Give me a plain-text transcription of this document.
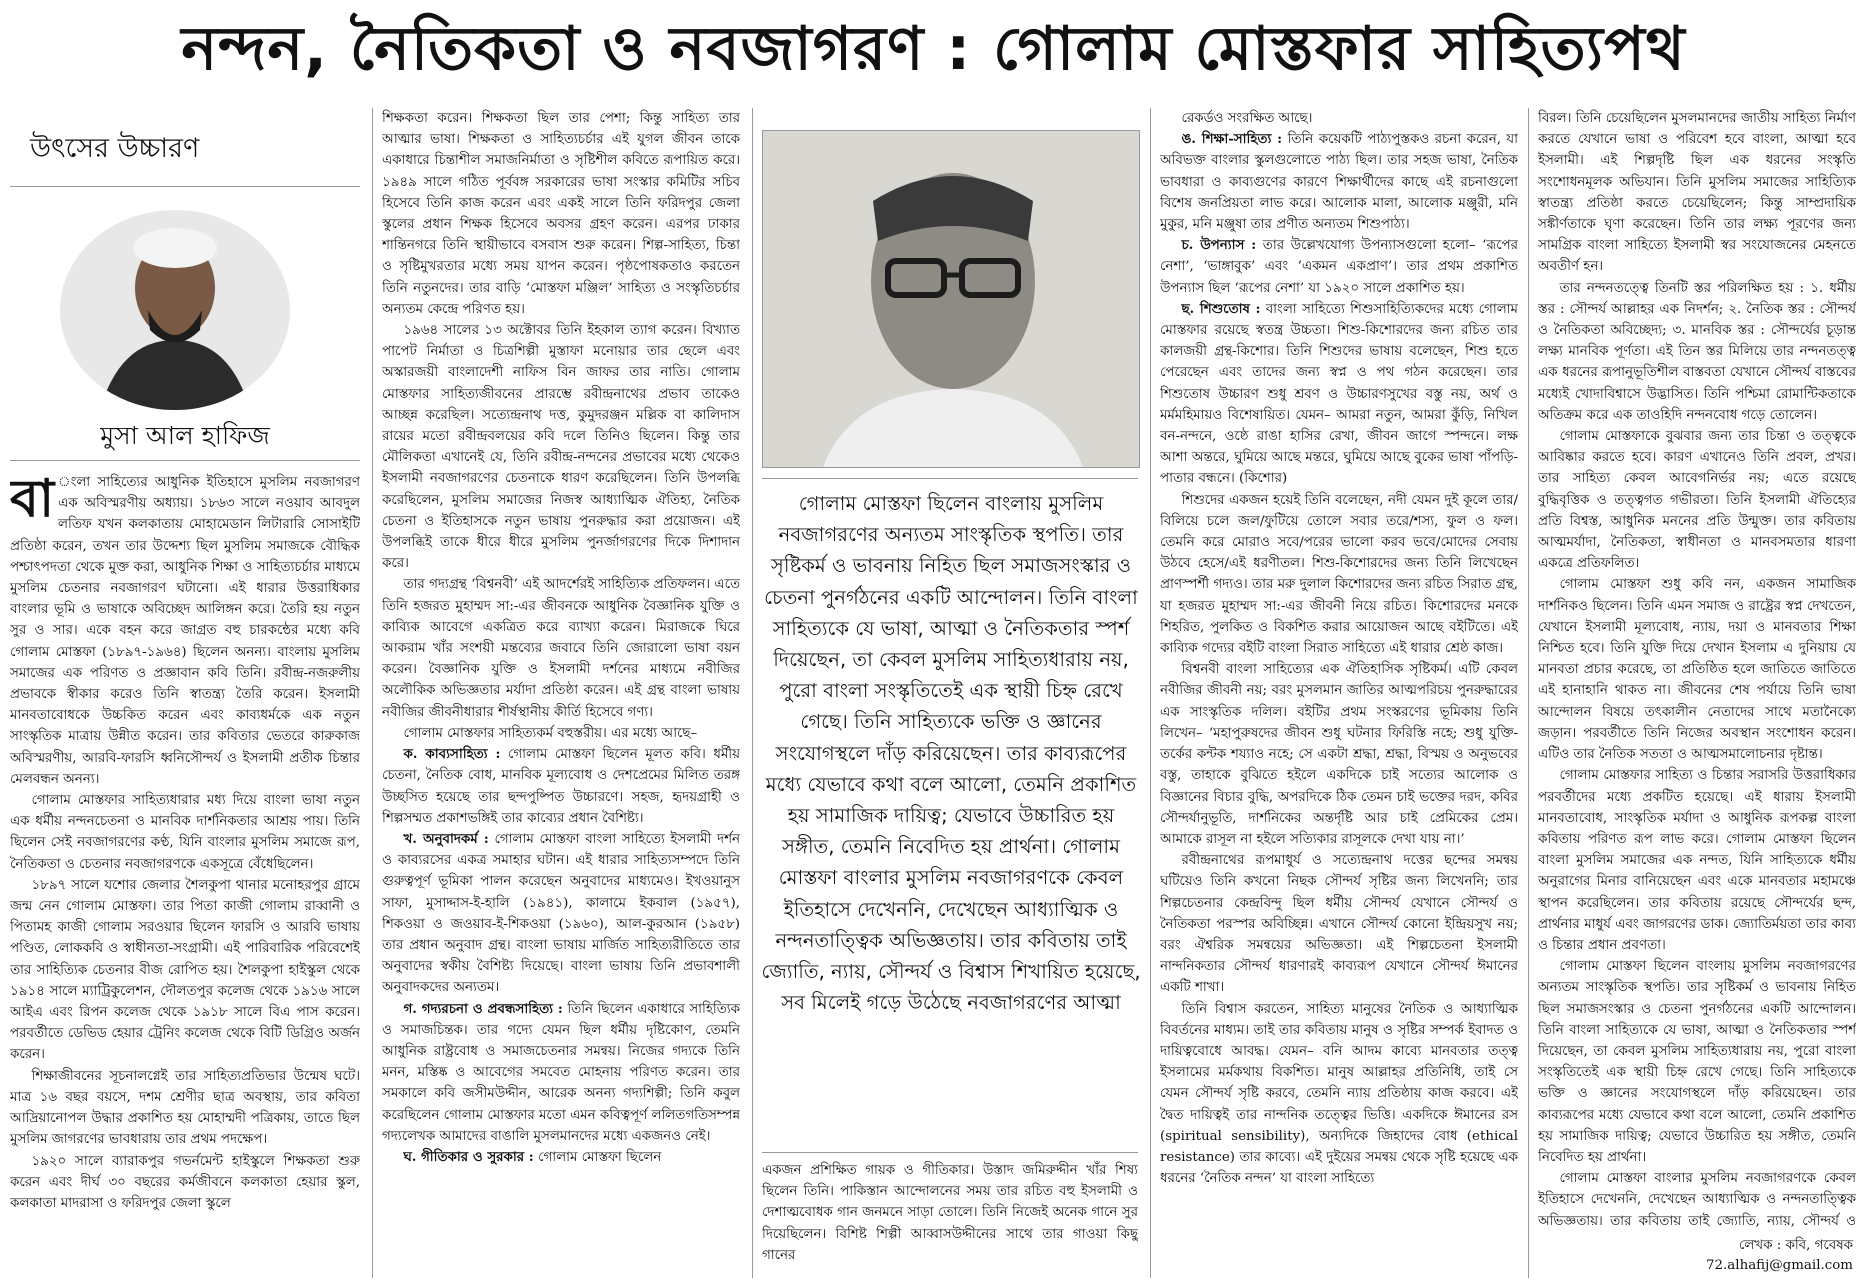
নন্দন, নৈতিকতা ও নবজাগরণ : গোলাম মোস্তফার সাহিত্যপথ
উৎসের উচ্চারণ
মুসা আল হাফিজ

বা ংলা সাহিত্যের আধুনিক ইতিহাসে মুসলিম নবজাগরণ এক অবিস্মরণীয় অধ্যায়। ১৮৬৩ সালে নওয়াব আবদুল লতিফ যখন কলকাতায় মোহামেডান লিটারারি সোসাইটি প্রতিষ্ঠা করেন, তখন তার উদ্দেশ্য ছিল মুসলিম সমাজকে বৌদ্ধিক পশ্চাৎপদতা থেকে মুক্ত করা, আধুনিক শিক্ষা ও সাহিত্যচর্চার মাধ্যমে মুসলিম চেতনার নবজাগরণ ঘটানো। এই ধারার উত্তরাধিকার বাংলার ভূমি ও ভাষাকে অবিচ্ছেদ আলিঙ্গন করে। তৈরি হয় নতুন সুর ও সার। একে বহন করে জাগ্রত বহু চারকন্ঠের মধ্যে কবি গোলাম মোস্তফা (১৮৯৭-১৯৬৪) ছিলেন অনন্য। বাংলায় মুসলিম সমাজের এক পরিণত ও প্রজ্ঞাবান কবি তিনি। রবীন্দ্র-নজরুলীয় প্রভাবকে স্বীকার করেও তিনি স্বাতন্ত্র্য তৈরি করেন। ইসলামী মানবতাবোধকে উচ্চকিত করেন এবং কাব্যধর্মকে এক নতুন সাংস্কৃতিক মাত্রায় উন্নীত করেন। তার কবিতার ভেতরে কারুকাজ অবিস্মরণীয়, আরবি-ফারসি ধ্বনিসৌন্দর্য ও ইসলামী প্রতীক চিন্তার মেলবন্ধন অনন্য।

গোলাম মোস্তফার সাহিত্যধারার মধ্য দিয়ে বাংলা ভাষা নতুন এক ধর্মীয় নন্দনচেতনা ও মানবিক দার্শনিকতার আশ্রয় পায়। তিনি ছিলেন সেই নবজাগরণের কণ্ঠ, যিনি বাংলার মুসলিম সমাজে রূপ, নৈতিকতা ও চেতনার নবজাগরণকে একসূত্রে বেঁধেছিলেন।

১৮৯৭ সালে যশোর জেলার শৈলকুপা থানার মনোহরপুর গ্রামে জন্ম নেন গোলাম মোস্তফা। তার পিতা কাজী গোলাম রাব্বানী ও পিতামহ কাজী গোলাম সরওয়ার ছিলেন ফারসি ও আরবি ভাষায় পণ্ডিত, লোককবি ও স্বাধীনতা-সংগ্রামী। এই পারিবারিক পরিবেশেই তার সাহিত্যিক চেতনার বীজ রোপিত হয়। শৈলকুপা হাইস্কুল থেকে ১৯১৪ সালে ম্যাট্রিকুলেশন, দৌলতপুর কলেজ থেকে ১৯১৬ সালে আইএ এবং রিপন কলেজ থেকে ১৯১৮ সালে বিএ পাস করেন। পরবর্তীতে ডেভিড হেয়ার ট্রেনিং কলেজ থেকে বিটি ডিগ্রিও অর্জন করেন।

শিক্ষাজীবনের সূচনালগ্নেই তার সাহিত্যপ্রতিভার উন্মেষ ঘটে। মাত্র ১৬ বছর বয়সে, দশম শ্রেণীর ছাত্র অবস্থায়, তার কবিতা আদ্রিয়ানোপল উদ্ধার প্রকাশিত হয় মোহাম্মদী পত্রিকায়, তাতে ছিল মুসলিম জাগরণের ভাবধারায় তার প্রথম পদক্ষেপ।

১৯২০ সালে ব্যারাকপুর গভর্নমেন্ট হাইস্কুলে শিক্ষকতা শুরু করেন এবং দীর্ঘ ৩০ বছরের কর্মজীবনে কলকাতা হেয়ার স্কুল, কলকাতা মাদরাসা ও ফরিদপুর জেলা স্কুলে

শিক্ষকতা করেন। শিক্ষকতা ছিল তার পেশা; কিন্তু সাহিত্য তার আত্মার ভাষা। শিক্ষকতা ও সাহিত্যচর্চার এই যুগল জীবন তাকে একাধারে চিন্তাশীল সমাজনির্মাতা ও সৃষ্টিশীল কবিতে রূপায়িত করে। ১৯৪৯ সালে গঠিত পূর্ববঙ্গ সরকারের ভাষা সংস্কার কমিটির সচিব হিসেবে তিনি কাজ করেন এবং একই সালে তিনি ফরিদপুর জেলা স্কুলের প্রধান শিক্ষক হিসেবে অবসর গ্রহণ করেন। এরপর ঢাকার শান্তিনগরে তিনি স্থায়ীভাবে বসবাস শুরু করেন। শিল্প-সাহিত্য, চিন্তা ও সৃষ্টিমুখরতার মধ্যে সময় যাপন করেন। পৃষ্ঠপোষকতাও করতেন তিনি নতুনদের। তার বাড়ি ‘মোস্তফা মঞ্জিল’ সাহিত্য ও সংস্কৃতিচর্চার অন্যতম কেন্দ্রে পরিণত হয়।

১৯৬৪ সালের ১৩ অক্টোবর তিনি ইহকাল ত্যাগ করেন। বিখ্যাত পাপেট নির্মাতা ও চিত্রশিল্পী মুস্তাফা মনোয়ার তার ছেলে এবং অস্কারজয়ী বাংলাদেশী নাফিস বিন জাফর তার নাতি। গোলাম মোস্তফার সাহিত্যজীবনের প্রারম্ভে রবীন্দ্রনাথের প্রভাব তাকেও আচ্ছন্ন করেছিল। সত্যেন্দ্রনাথ দত্ত, কুমুদরঞ্জন মল্লিক বা কালিদাস রায়ের মতো রবীন্দ্রবলয়ের কবি দলে তিনিও ছিলেন। কিন্তু তার মৌলিকতা এখানেই যে, তিনি রবীন্দ্র-নন্দনের প্রভাবের মধ্যে থেকেও ইসলামী নবজাগরণের চেতনাকে ধারণ করেছিলেন। তিনি উপলব্ধি করেছিলেন, মুসলিম সমাজের নিজস্ব আধ্যাত্মিক ঐতিহ্য, নৈতিক চেতনা ও ইতিহাসকে নতুন ভাষায় পুনরুদ্ধার করা প্রয়োজন। এই উপলব্ধিই তাকে ধীরে ধীরে মুসলিম পুনর্জাগরণের দিকে দিশাদান করে।

তার গদ্যগ্রন্থ ‘বিশ্বনবী’ এই আদর্শেরই সাহিত্যিক প্রতিফলন। এতে তিনি হজরত মুহাম্মদ সা:-এর জীবনকে আধুনিক বৈজ্ঞানিক যুক্তি ও কাব্যিক আবেগে একত্রিত করে ব্যাখ্যা করেন। মিরাজকে ঘিরে আকরাম খাঁর সংশয়ী মন্তব্যের জবাবে তিনি জোরালো ভাষা বয়ন করেন। বৈজ্ঞানিক যুক্তি ও ইসলামী দর্শনের মাধ্যমে নবীজির অলৌকিক অভিজ্ঞতার মর্যাদা প্রতিষ্ঠা করেন। এই গ্রন্থ বাংলা ভাষায় নবীজির জীবনীধারার শীর্ষস্থানীয় কীর্তি হিসেবে গণ্য।

গোলাম মোস্তফার সাহিত্যকর্ম বহুস্তরীয়। এর মধ্যে আছে–

ক. কাব্যসাহিত্য : গোলাম মোস্তফা ছিলেন মূলত কবি। ধর্মীয় চেতনা, নৈতিক বোধ, মানবিক মূল্যবোধ ও দেশপ্রেমের মিলিত তরঙ্গ উচ্ছসিত হয়েছে তার ছন্দপুষ্পিত উচ্চারণে। সহজ, হৃদয়গ্রাহী ও শিল্পসম্মত প্রকাশভঙ্গিই তার কাব্যের প্রধান বৈশিষ্ট্য।

খ. অনুবাদকর্ম : গোলাম মোস্তফা বাংলা সাহিত্যে ইসলামী দর্শন ও কাব্যরসের একত্র সমাহার ঘটান। এই ধারার সাহিত্যসম্পদে তিনি গুরুত্বপূর্ণ ভূমিকা পালন করেছেন অনুবাদের মাধ্যমেও। ইখওয়ানুস সাফা, মুসাদ্দাস-ই-হালি (১৯৪১), কালামে ইকবাল (১৯৫৭), শিকওয়া ও জওয়াব-ই-শিকওয়া (১৯৬০), আল-কুরআন (১৯৫৮) তার প্রধান অনুবাদ গ্রন্থ। বাংলা ভাষায় মার্জিত সাহিত্যরীতিতে তার অনুবাদের স্বকীয় বৈশিষ্ট্য দিয়েছে। বাংলা ভাষায় তিনি প্রভাবশালী অনুবাদকদের অন্যতম।

গ. গদ্যরচনা ও প্রবন্ধসাহিত্য : তিনি ছিলেন একাধারে সাহিত্যিক ও সমাজচিন্তক। তার গদ্যে যেমন ছিল ধর্মীয় দৃষ্টিকোণ, তেমনি আধুনিক রাষ্ট্রবোধ ও সমাজচেতনার সমন্বয়। নিজের গদ্যকে তিনি মনন, মস্তিষ্ক ও আবেগের সমবেত মোহনায় পরিণত করেন। তার সমকালে কবি জসীমউদ্দীন, আরেক অনন্য গদ্যশিল্পী; তিনি কবুল করেছিলেন গোলাম মোস্তফার মতো এমন কবিত্বপূর্ণ ললিতগতিসম্পন্ন গদ্যলেখক আমাদের বাঙালি মুসলমানদের মধ্যে একজনও নেই।

ঘ. গীতিকার ও সুরকার : গোলাম মোস্তফা ছিলেন

গোলাম মোস্তফা ছিলেন বাংলায় মুসলিম নবজাগরণের অন্যতম সাংস্কৃতিক স্থপতি। তার সৃষ্টিকর্ম ও ভাবনায় নিহিত ছিল সমাজসংস্কার ও চেতনা পুনর্গঠনের একটি আন্দোলন। তিনি বাংলা সাহিত্যকে যে ভাষা, আত্মা ও নৈতিকতার স্পর্শ দিয়েছেন, তা কেবল মুসলিম সাহিত্যধারায় নয়, পুরো বাংলা সংস্কৃতিতেই এক স্থায়ী চিহ্ন রেখে গেছে। তিনি সাহিত্যকে ভক্তি ও জ্ঞানের সংযোগস্থলে দাঁড় করিয়েছেন। তার কাব্যরূপের মধ্যে যেভাবে কথা বলে আলো, তেমনি প্রকাশিত হয় সামাজিক দায়িত্ব; যেভাবে উচ্চারিত হয় সঙ্গীত, তেমনি নিবেদিত হয় প্রার্থনা। গোলাম মোস্তফা বাংলার মুসলিম নবজাগরণকে কেবল ইতিহাসে দেখেননি, দেখেছেন আধ্যাত্মিক ও নন্দনতাত্ত্বিক অভিজ্ঞতায়। তার কবিতায় তাই জ্যোতি, ন্যায়, সৌন্দর্য ও বিশ্বাস শিখায়িত হয়েছে, সব মিলেই গড়ে উঠেছে নবজাগরণের আত্মা

একজন প্রশিক্ষিত গায়ক ও গীতিকার। উস্তাদ জমিরুদ্দীন খাঁর শিষ্য ছিলেন তিনি। পাকিস্তান আন্দোলনের সময় তার রচিত বহু ইসলামী ও দেশাত্মবোধক গান জনমনে সাড়া তোলে। তিনি নিজেই অনেক গানে সুর দিয়েছিলেন। বিশিষ্ট শিল্পী আব্বাসউদ্দীনের সাথে তার গাওয়া কিছু গানের

রেকর্ডও সংরক্ষিত আছে।

ঙ. শিক্ষা-সাহিত্য : তিনি কয়েকটি পাঠ্যপুস্তকও রচনা করেন, যা অবিভক্ত বাংলার স্কুলগুলোতে পাঠ্য ছিল। তার সহজ ভাষা, নৈতিক ভাবধারা ও কাব্যগুণের কারণে শিক্ষার্থীদের কাছে এই রচনাগুলো বিশেষ জনপ্রিয়তা লাভ করে। আলোক মালা, আলোক মঞ্জুরী, মনি মুকুর, মনি মঞ্জুষা তার প্রণীত অন্যতম শিশুপাঠ্য।

চ. উপন্যাস : তার উল্লেখযোগ্য উপন্যাসগুলো হলো– ‘রূপের নেশা’, ‘ভাঙ্গাবুক’ এবং ‘একমন একপ্রাণ’। তার প্রথম প্রকাশিত উপন্যাস ছিল ‘রূপের নেশা’ যা ১৯২০ সালে প্রকাশিত হয়।

ছ. শিশুতোষ : বাংলা সাহিত্যে শিশুসাহিত্যিকদের মধ্যে গোলাম মোস্তফার রয়েছে স্বতন্ত্র উচ্চতা। শিশু-কিশোরদের জন্য রচিত তার কালজয়ী গ্রন্থ-কিশোর। তিনি শিশুদের ভাষায় বলেছেন, শিশু হতে পেরেছেন এবং তাদের জন্য স্বপ্ন ও পথ গঠন করেছেন। তার শিশুতোষ উচ্চারণ শুধু শ্রবণ ও উচ্চারণসুখের বস্তু নয়, অর্থ ও মর্মমহিমায়ও বিশেষায়িত। যেমন– আমরা নতুন, আমরা কুঁড়ি, নিখিল বন-নন্দনে, ওষ্ঠে রাঙা হাসির রেখা, জীবন জাগে স্পন্দনে। লক্ষ আশা অন্তরে, ঘুমিয়ে আছে মন্তরে, ঘুমিয়ে আছে বুকের ভাষা পাঁপড়ি-পাতার বন্ধনে। (কিশোর)

শিশুদের একজন হয়েই তিনি বলেছেন, নদী যেমন দুই কূলে তার/বিলিয়ে চলে জল/ফুটিয়ে তোলে সবার তরে/শস্য, ফুল ও ফল। তেমনি করে মোরাও সবে/পরের ভালো করব ভবে/মোদের সেবায় উঠবে হেসে/এই ধরণীতল। শিশু-কিশোরদের জন্য তিনি লিখেছেন প্রাণস্পর্শী গদ্যও। তার মরু দুলাল কিশোরদের জন্য রচিত সিরাত গ্রন্থ, যা হজরত মুহাম্মদ সা:-এর জীবনী নিয়ে রচিত। কিশোরদের মনকে শিহরিত, পুলকিত ও বিকশিত করার আয়োজন আছে বইটিতে। এই কাব্যিক গদ্যের বইটি বাংলা সিরাত সাহিত্যে এই ধারার শ্রেষ্ঠ কাজ।

বিশ্বনবী বাংলা সাহিত্যের এক ঐতিহাসিক সৃষ্টিকর্ম। এটি কেবল নবীজির জীবনী নয়; বরং মুসলমান জাতির আত্মপরিচয় পুনরুদ্ধারের এক সাংস্কৃতিক দলিল। বইটির প্রথম সংস্করণের ভূমিকায় তিনি লিখেন– ‘মহাপুরুষদের জীবন শুধু ঘটনার ফিরিস্তি নহে; শুধু যুক্তি-তর্কের কন্টক শয্যাও নহে; সে একটা শ্রদ্ধা, শ্রদ্ধা, বিস্ময় ও অনুভবের বস্তু, তাহাকে বুঝিতে হইলে একদিকে চাই সত্যের আলোক ও বিজ্ঞানের বিচার বুদ্ধি, অপরদিকে ঠিক তেমন চাই ভক্তের দরদ, কবির সৌন্দর্যানুভূতি, দার্শনিকের অন্তর্দৃষ্টি আর চাই প্রেমিকের প্রেম। আমাকে রাসূল না হইলে সত্যিকার রাসূলকে দেখা যায় না।’

রবীন্দ্রনাথের রূপমাধুর্য ও সত্যেন্দ্রনাথ দত্তের ছন্দের সমন্বয় ঘটিয়েও তিনি কখনো নিছক সৌন্দর্য সৃষ্টির জন্য লিখেননি; তার শিল্পচেতনার কেন্দ্রবিন্দু ছিল ধর্মীয় সৌন্দর্য যেখানে সৌন্দর্য ও নৈতিকতা পরস্পর অবিচ্ছিন্ন। এখানে সৌন্দর্য কোনো ইন্দ্রিয়সুখ নয়; বরং ঐশ্বরিক সমন্বয়ের অভিজ্ঞতা। এই শিল্পচেতনা ইসলামী নান্দনিকতার সৌন্দর্য ধারণারই কাব্যরূপ যেখানে সৌন্দর্য ঈমানের একটি শাখা।

তিনি বিশ্বাস করতেন, সাহিত্য মানুষের নৈতিক ও আধ্যাত্মিক বিবর্তনের মাধ্যম। তাই তার কবিতায় মানুষ ও সৃষ্টির সম্পর্ক ইবাদত ও দায়িত্ববোধে আবদ্ধ। যেমন– বনি আদম কাব্যে মানবতার তত্ত্ব ইসলামের মর্মকথায় বিকশিত। মানুষ আল্লাহর প্রতিনিধি, তাই সে যেমন সৌন্দর্য সৃষ্টি করবে, তেমনি ন্যায় প্রতিষ্ঠায় কাজ করবে। এই দ্বৈত দায়িত্বই তার নান্দনিক তত্ত্বের ভিত্তি। একদিকে ঈমানের রস (spiritual sensibility), অন্যদিকে জিহাদের বোধ (ethical resistance) তার কাব্যে। এই দুইয়ের সমন্বয় থেকে সৃষ্টি হয়েছে এক ধরনের ‘নৈতিক নন্দন’ যা বাংলা সাহিত্যে

বিরল। তিনি চেয়েছিলেন মুসলমানদের জাতীয় সাহিত্য নির্মাণ করতে যেখানে ভাষা ও পরিবেশ হবে বাংলা, আত্মা হবে ইসলামী। এই শিল্পদৃষ্টি ছিল এক ধরনের সংস্কৃতি সংশোধনমূলক অভিযান। তিনি মুসলিম সমাজের সাহিত্যিক স্বাতন্ত্র্য প্রতিষ্ঠা করতে চেয়েছিলেন; কিন্তু সাম্প্রদায়িক সঙ্কীর্ণতাকে ঘৃণা করেছেন। তিনি তার লক্ষ্য পূরণের জন্য সামগ্রিক বাংলা সাহিত্যে ইসলামী স্বর সংযোজনের মেহনতে অবতীর্ণ হন।

তার নন্দনতত্ত্বে তিনটি স্তর পরিলক্ষিত হয় : ১. ধর্মীয় স্তর : সৌন্দর্য আল্লাহর এক নিদর্শন; ২. নৈতিক স্তর : সৌন্দর্য ও নৈতিকতা অবিচ্ছেদ্য; ৩. মানবিক স্তর : সৌন্দর্যের চূড়ান্ত লক্ষ্য মানবিক পূর্ণতা। এই তিন স্তর মিলিয়ে তার নন্দনতত্ত্ব এক ধরনের রূপানুভূতিশীল বাস্তবতা যেখানে সৌন্দর্য বাস্তবের মধ্যেই খোদাবিশ্বাসে উদ্ভাসিত। তিনি পশ্চিমা রোমান্টিকতাকে অতিক্রম করে এক তাওহিদি নন্দনবোধ গড়ে তোলেন।

গোলাম মোস্তফাকে বুঝবার জন্য তার চিন্তা ও তত্ত্বকে আবিষ্কার করতে হবে। কারণ এখানেও তিনি প্রবল, প্রখর। তার সাহিত্য কেবল আবেগনির্ভর নয়; এতে রয়েছে বুদ্ধিবৃত্তিক ও তত্ত্বগত গভীরতা। তিনি ইসলামী ঐতিহ্যের প্রতি বিশ্বস্ত, আধুনিক মননের প্রতি উন্মুক্ত। তার কবিতায় আত্মমর্যাদা, নৈতিকতা, স্বাধীনতা ও মানবসমতার ধারণা একত্রে প্রতিফলিত।

গোলাম মোস্তফা শুধু কবি নন, একজন সামাজিক দার্শনিকও ছিলেন। তিনি এমন সমাজ ও রাষ্ট্রের স্বপ্ন দেখতেন, যেখানে ইসলামী মূল্যবোধ, ন্যায়, দয়া ও মানবতার শিক্ষা নিশ্চিত হবে। তিনি যুক্তি দিয়ে দেখান ইসলাম এ দুনিয়ায় যে মানবতা প্রচার করেছে, তা প্রতিষ্ঠিত হলে জাতিতে জাতিতে এই হানাহানি থাকত না। জীবনের শেষ পর্যায়ে তিনি ভাষা আন্দোলন বিষয়ে তৎকালীন নেতাদের সাথে মতানৈক্যে জড়ান। পরবর্তীতে তিনি নিজের অবস্থান সংশোধন করেন। এটিও তার নৈতিক সততা ও আত্মসমালোচনার দৃষ্টান্ত।

গোলাম মোস্তফার সাহিত্য ও চিন্তার সরাসরি উত্তরাধিকার পরবর্তীদের মধ্যে প্রকটিত হয়েছে। এই ধারায় ইসলামী মানবতাবোধ, সাংস্কৃতিক মর্যাদা ও আধুনিক রূপকল্প বাংলা কবিতায় পরিণত রূপ লাভ করে। গোলাম মোস্তফা ছিলেন বাংলা মুসলিম সমাজের এক নন্দত, যিনি সাহিত্যকে ধর্মীয় অনুরাগের মিনার বানিয়েছেন এবং একে মানবতার মহামঞ্চে স্থাপন করেছিলেন। তার কবিতায় রয়েছে সৌন্দর্যের ছন্দ, প্রার্থনার মাধুর্য এবং জাগরণের ডাক। জ্যোতির্ময়তা তার কাব্য ও চিন্তার প্রধান প্রবণতা।

গোলাম মোস্তফা ছিলেন বাংলায় মুসলিম নবজাগরণের অন্যতম সাংস্কৃতিক স্থপতি। তার সৃষ্টিকর্ম ও ভাবনায় নিহিত ছিল সমাজসংস্কার ও চেতনা পুনর্গঠনের একটি আন্দোলন। তিনি বাংলা সাহিত্যকে যে ভাষা, আত্মা ও নৈতিকতার স্পর্শ দিয়েছেন, তা কেবল মুসলিম সাহিত্যধারায় নয়, পুরো বাংলা সংস্কৃতিতেই এক স্থায়ী চিহ্ন রেখে গেছে। তিনি সাহিত্যকে ভক্তি ও জ্ঞানের সংযোগস্থলে দাঁড় করিয়েছেন। তার কাব্যরূপের মধ্যে যেভাবে কথা বলে আলো, তেমনি প্রকাশিত হয় সামাজিক দায়িত্ব; যেভাবে উচ্চারিত হয় সঙ্গীত, তেমনি নিবেদিত হয় প্রার্থনা।

গোলাম মোস্তফা বাংলার মুসলিম নবজাগরণকে কেবল ইতিহাসে দেখেননি, দেখেছেন আধ্যাত্মিক ও নন্দনতাত্ত্বিক অভিজ্ঞতায়। তার কবিতায় তাই জ্যোতি, ন্যায়, সৌন্দর্য ও

লেখক : কবি, গবেষক
72.alhafij@gmail.com
